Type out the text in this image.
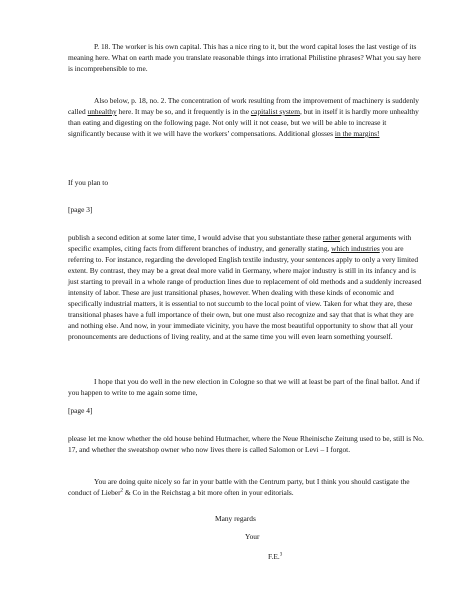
P. 18. The worker is his own capital. This has a nice ring to it, but the word capital loses the last vestige of its meaning here. What on earth made you translate reasonable things into irrational Philistine phrases? What you say here is incomprehensible to me.

Also below, p. 18, no. 2. The concentration of work resulting from the improvement of machinery is suddenly called unhealthy here. It may be so, and it frequently is in the capitalist system, but in itself it is hardly more unhealthy than eating and digesting on the following page. Not only will it not cease, but we will be able to increase it significantly because with it we will have the workers’ compensations. Additional glosses in the margins!

If you plan to

[page 3]

publish a second edition at some later time, I would advise that you substantiate these rather general arguments with specific examples, citing facts from different branches of industry, and generally stating, which industries you are referring to. For instance, regarding the developed English textile industry, your sentences apply to only a very limited extent. By contrast, they may be a great deal more valid in Germany, where major industry is still in its infancy and is just starting to prevail in a whole range of production lines due to replacement of old methods and a suddenly increased intensity of labor. These are just transitional phases, however. When dealing with these kinds of economic and specifically industrial matters, it is essential to not succumb to the local point of view. Taken for what they are, these transitional phases have a full importance of their own, but one must also recognize and say that that is what they are and nothing else. And now, in your immediate vicinity, you have the most beautiful opportunity to show that all your pronouncements are deductions of living reality, and at the same time you will even learn something yourself.

I hope that you do well in the new election in Cologne so that we will at least be part of the final ballot. And if you happen to write to me again some time,

[page 4]

please let me know whether the old house behind Hutmacher, where the Neue Rheinische Zeitung used to be, still is No. 17, and whether the sweatshop owner who now lives there is called Salomon or Levi – I forgot.

You are doing quite nicely so far in your battle with the Centrum party, but I think you should castigate the conduct of Lieber$^2$ & Co in the Reichstag a bit more often in your editorials.

Many regards

Your

F.E.$^3$
